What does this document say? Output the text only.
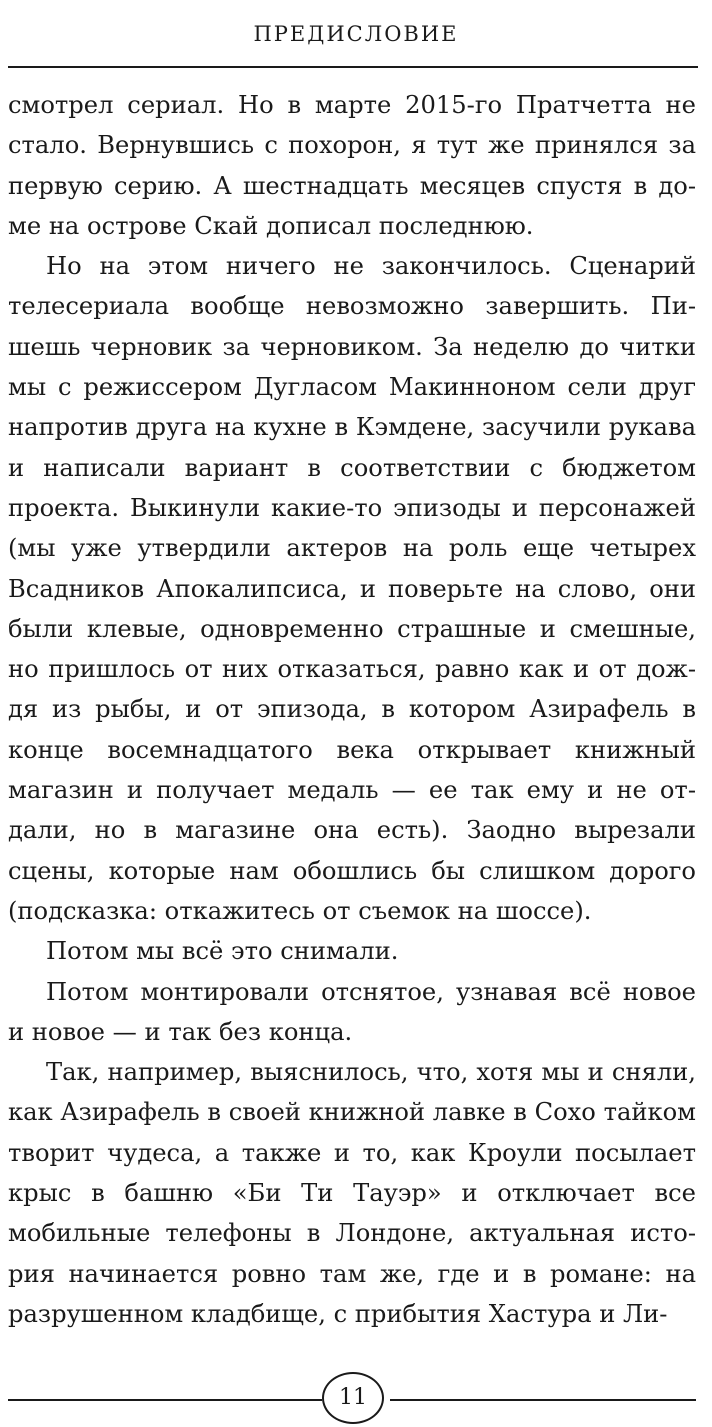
ПРЕДИСЛОВИЕ

смотрел сериал. Но в марте 2015-го Пратчетта не стало. Вернувшись с похорон, я тут же принялся за первую серию. А шестнадцать месяцев спустя в доме на острове Скай дописал последнюю.

Но на этом ничего не закончилось. Сценарий телесериала вообще невозможно завершить. Пишешь черновик за черновиком. За неделю до читки мы с режиссером Дугласом Макинноном сели друг напротив друга на кухне в Кэмдене, засучили рукава и написали вариант в соответствии с бюджетом проекта. Выкинули какие-то эпизоды и персонажей (мы уже утвердили актеров на роль еще четырех Всадников Апокалипсиса, и поверьте на слово, они были клевые, одновременно страшные и смешные, но пришлось от них отказаться, равно как и от дождя из рыбы, и от эпизода, в котором Азирафель в конце восемнадцатого века открывает книжный магазин и получает медаль — ее так ему и не отдали, но в магазине она есть). Заодно вырезали сцены, которые нам обошлись бы слишком дорого (подсказка: откажитесь от съемок на шоссе).

Потом мы всё это снимали.

Потом монтировали отснятое, узнавая всё новое и новое — и так без конца.

Так, например, выяснилось, что, хотя мы и сняли, как Азирафель в своей книжной лавке в Сохо тайком творит чудеса, а также и то, как Кроули посылает крыс в башню «Би Ти Тауэр» и отключает все мобильные телефоны в Лондоне, актуальная история начинается ровно там же, где и в романе: на разрушенном кладбище, с прибытия Хастура и Ли-

11
